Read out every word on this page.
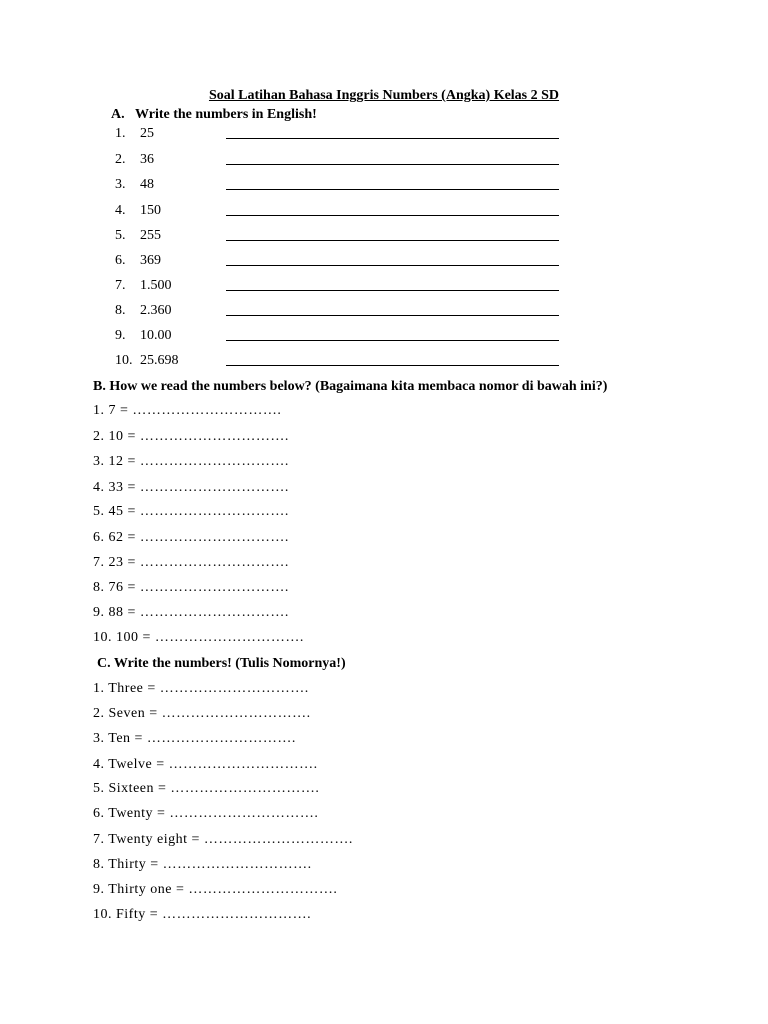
Soal Latihan Bahasa Inggris Numbers (Angka) Kelas 2 SD
A. Write the numbers in English!
1. 25
2. 36
3. 48
4. 150
5. 255
6. 369
7. 1.500
8. 2.360
9. 10.00
10. 25.698
B. How we read the numbers below? (Bagaimana kita membaca nomor di bawah ini?)
1. 7 = ………………………….
2. 10 = ………………………….
3. 12 = ………………………….
4. 33 = ………………………….
5. 45 = ………………………….
6. 62 = ………………………….
7. 23 = ………………………….
8. 76 = ………………………….
9. 88 = ………………………….
10. 100 = ………………………….
C. Write the numbers! (Tulis Nomornya!)
1. Three = ………………………….
2. Seven = ………………………….
3. Ten = ………………………….
4. Twelve = ………………………….
5. Sixteen = ………………………….
6. Twenty = ………………………….
7. Twenty eight = ………………………….
8. Thirty = ………………………….
9. Thirty one = ………………………….
10. Fifty = ………………………….
